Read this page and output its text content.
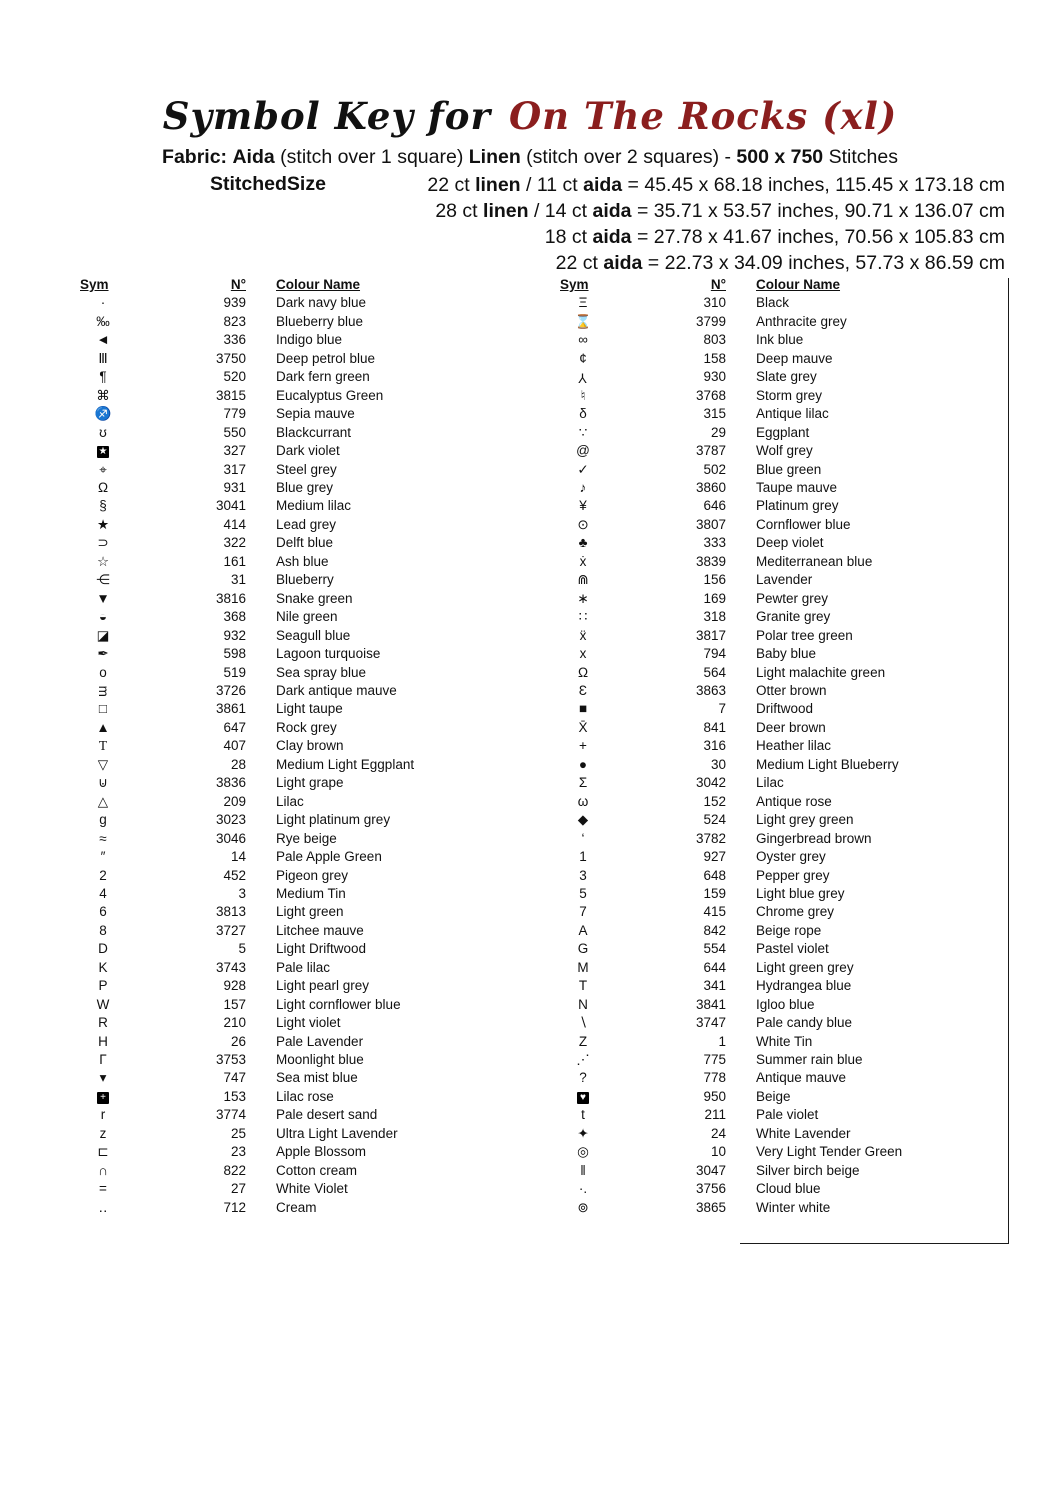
Symbol Key for On The Rocks (xl)
Fabric: Aida (stitch over 1 square) Linen (stitch over 2 squares) - 500 x 750 Stitches
StitchedSize	22 ct linen / 11 ct aida = 45.45 x 68.18 inches, 115.45 x 173.18 cm
28 ct linen / 14 ct aida = 35.71 x 53.57 inches, 90.71 x 136.07 cm
18 ct aida = 27.78 x 41.67 inches, 70.56 x 105.83 cm
22 ct aida = 22.73 x 34.09 inches, 57.73 x 86.59 cm
Sym	N°	Colour Name
·	939	Dark navy blue
‰	823	Blueberry blue
◄	336	Indigo blue
Ⅲ	3750	Deep petrol blue
¶	520	Dark fern green
⌘	3815	Eucalyptus Green
♐	779	Sepia mauve
ʊ	550	Blackcurrant
★	327	Dark violet
⌖	317	Steel grey
Ω	931	Blue grey
§	3041	Medium lilac
★	414	Lead grey
⊃	322	Delft blue
☆	161	Ash blue
⋲	31	Blueberry
▼	3816	Snake green
◒	368	Nile green
◪	932	Seagull blue
✒	598	Lagoon turquoise
o	519	Sea spray blue
m	3726	Dark antique mauve
□	3861	Light taupe
▲	647	Rock grey
T	407	Clay brown
▽	28	Medium Light Eggplant
⊍	3836	Light grape
△	209	Lilac
g	3023	Light platinum grey
≈	3046	Rye beige
″	14	Pale Apple Green
2	452	Pigeon grey
4	3	Medium Tin
6	3813	Light green
8	3727	Litchee mauve
D	5	Light Driftwood
K	3743	Pale lilac
P	928	Light pearl grey
W	157	Light cornflower blue
R	210	Light violet
H	26	Pale Lavender
Γ	3753	Moonlight blue
▾	747	Sea mist blue
+	153	Lilac rose
r	3774	Pale desert sand
z	25	Ultra Light Lavender
⊏	23	Apple Blossom
∩	822	Cotton cream
=	27	White Violet
‥	712	Cream
Sym	N°	Colour Name
Ξ	310	Black
⌛	3799	Anthracite grey
∞	803	Ink blue
¢	158	Deep mauve
Y	930	Slate grey
♮	3768	Storm grey
δ	315	Antique lilac
∵	29	Eggplant
@	3787	Wolf grey
✓	502	Blue green
♪	3860	Taupe mauve
¥	646	Platinum grey
⊙	3807	Cornflower blue
♣	333	Deep violet
ẋ	3839	Mediterranean blue
⋒	156	Lavender
∗	169	Pewter grey
∷	318	Granite grey
ẍ	3817	Polar tree green
x	794	Baby blue
Ω	564	Light malachite green
Ɛ	3863	Otter brown
■	7	Driftwood
X̄	841	Deer brown
+	316	Heather lilac
●	30	Medium Light Blueberry
Σ	3042	Lilac
ω	152	Antique rose
◆	524	Light grey green
‘	3782	Gingerbread brown
1	927	Oyster grey
3	648	Pepper grey
5	159	Light blue grey
7	415	Chrome grey
A	842	Beige rope
G	554	Pastel violet
M	644	Light green grey
T	341	Hydrangea blue
N	3841	Igloo blue
∖	3747	Pale candy blue
Z	1	White Tin
⋰	775	Summer rain blue
?	778	Antique mauve
♥	950	Beige
t	211	Pale violet
✦	24	White Lavender
◎	10	Very Light Tender Green
‖	3047	Silver birch beige
·.	3756	Cloud blue
⊚	3865	Winter white
